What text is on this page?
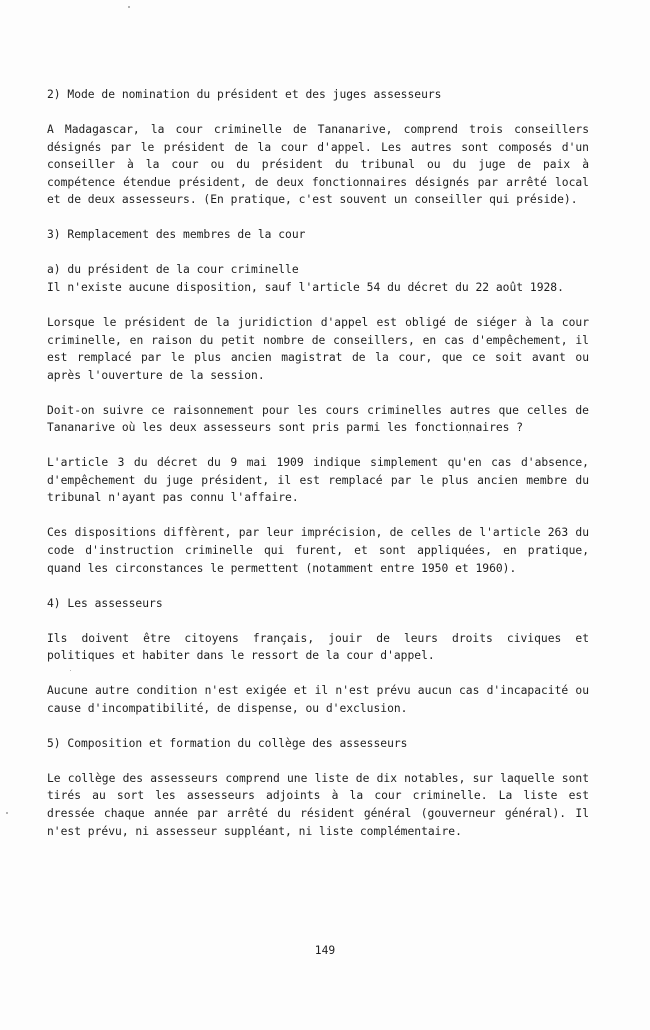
2) Mode de nomination du président et des juges assesseurs

A Madagascar, la cour criminelle de Tananarive, comprend trois conseillers désignés par le président de la cour d'appel. Les autres sont composés d'un conseiller à la cour ou du président du tribunal ou du juge de paix à compétence étendue président, de deux fonctionnaires désignés par arrêté local et de deux assesseurs. (En pratique, c'est souvent un conseiller qui préside).

3) Remplacement des membres de la cour

a) du président de la cour criminelle

Il n'existe aucune disposition, sauf l'article 54 du décret du 22 août 1928.

Lorsque le président de la juridiction d'appel est obligé de siéger à la cour criminelle, en raison du petit nombre de conseillers, en cas d'empêchement, il est remplacé par le plus ancien magistrat de la cour, que ce soit avant ou après l'ouverture de la session.

Doit-on suivre ce raisonnement pour les cours criminelles autres que celles de Tananarive où les deux assesseurs sont pris parmi les fonctionnaires ?

L'article 3 du décret du 9 mai 1909 indique simplement qu'en cas d'absence, d'empêchement du juge président, il est remplacé par le plus ancien membre du tribunal n'ayant pas connu l'affaire.

Ces dispositions diffèrent, par leur imprécision, de celles de l'article 263 du code d'instruction criminelle qui furent, et sont appliquées, en pratique, quand les circonstances le permettent (notamment entre 1950 et 1960).

4) Les assesseurs

Ils doivent être citoyens français, jouir de leurs droits civiques et politiques et habiter dans le ressort de la cour d'appel.

Aucune autre condition n'est exigée et il n'est prévu aucun cas d'incapacité ou cause d'incompatibilité, de dispense, ou d'exclusion.

5) Composition et formation du collège des assesseurs

Le collège des assesseurs comprend une liste de dix notables, sur laquelle sont tirés au sort les assesseurs adjoints à la cour criminelle. La liste est dressée chaque année par arrêté du résident général (gouverneur général). Il n'est prévu, ni assesseur suppléant, ni liste complémentaire.

149
